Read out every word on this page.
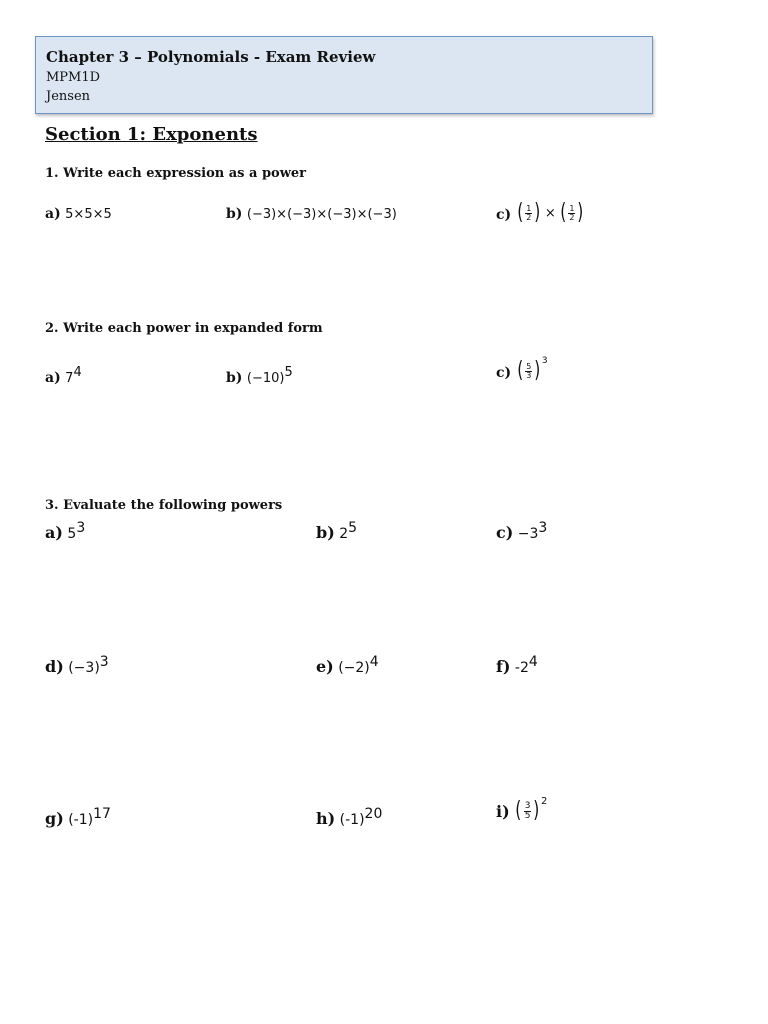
Chapter 3 – Polynomials - Exam Review
MPM1D
Jensen
Section 1: Exponents
1. Write each expression as a power
a) 5×5×5	b) (−3)×(−3)×(−3)×(−3)	c) ( $\frac{1}{2}$ ) × ( $\frac{1}{2}$ )
2. Write each power in expanded form
a) $7^4$	b) $(-10)^5$	c) ( $\frac{5}{3}$ ) 3
3. Evaluate the following powers
a) $5^3$	b) $2^5$	$c) -3^3$
d) $(-3)^3$	e) $(-2)^4$	f) $-2^4$
g) $(-1)^{17}$	h) $(-1)^{20}$	i) ( $\frac{3}{5}$ ) 2
